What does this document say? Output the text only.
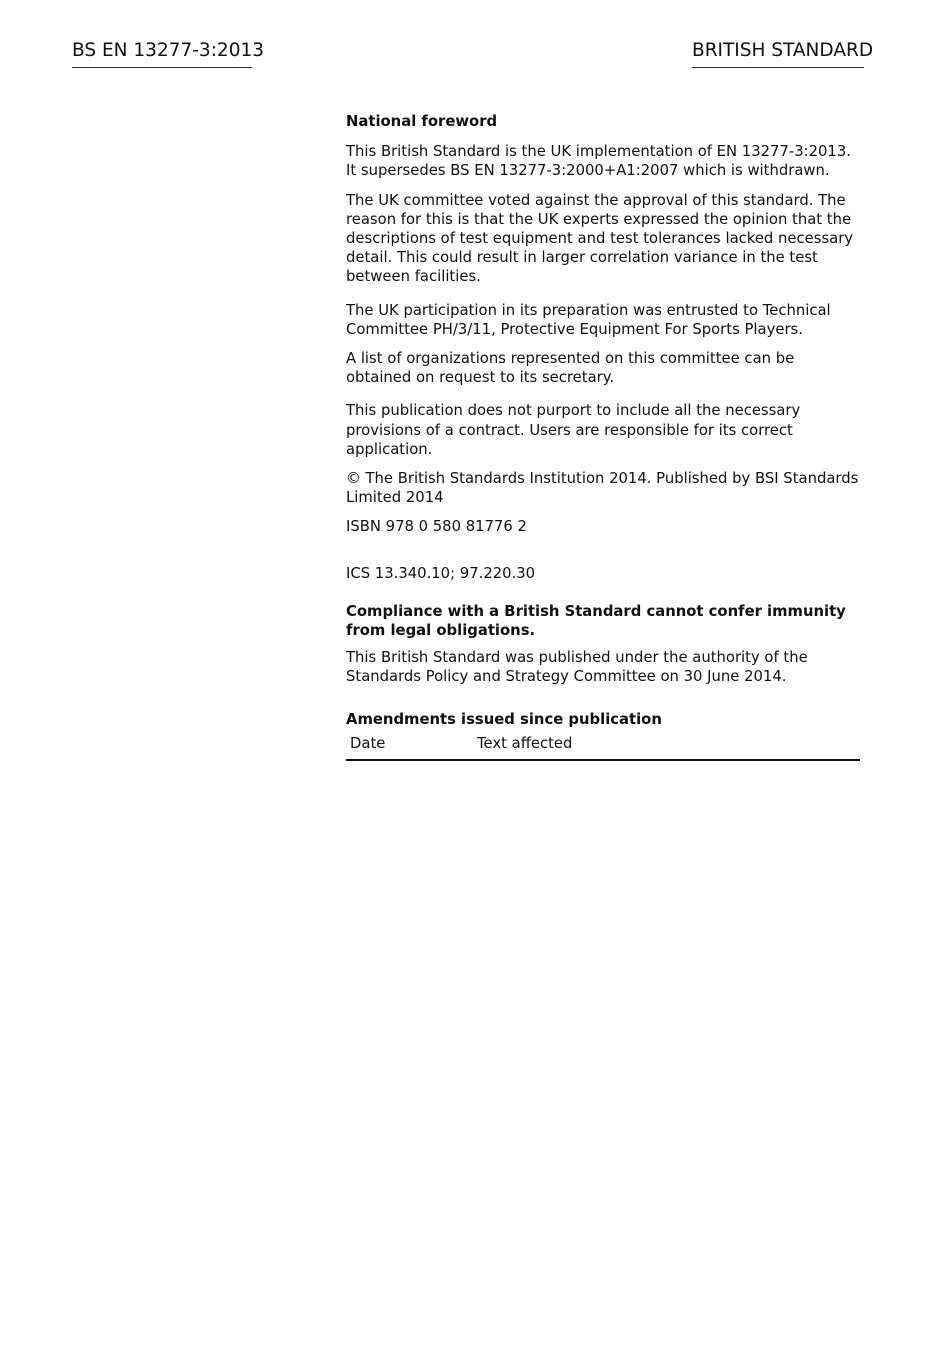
BS EN 13277-3:2013	BRITISH STANDARD

National foreword

This British Standard is the UK implementation of EN 13277-3:2013. It supersedes BS EN 13277-3:2000+A1:2007 which is withdrawn.

The UK committee voted against the approval of this standard. The reason for this is that the UK experts expressed the opinion that the descriptions of test equipment and test tolerances lacked necessary detail. This could result in larger correlation variance in the test between facilities.

The UK participation in its preparation was entrusted to Technical Committee PH/3/11, Protective Equipment For Sports Players.

A list of organizations represented on this committee can be obtained on request to its secretary.

This publication does not purport to include all the necessary provisions of a contract. Users are responsible for its correct application.

© The British Standards Institution 2014. Published by BSI Standards Limited 2014

ISBN 978 0 580 81776 2

ICS 13.340.10; 97.220.30

Compliance with a British Standard cannot confer immunity from legal obligations.

This British Standard was published under the authority of the Standards Policy and Strategy Committee on 30 June 2014.

Amendments issued since publication

Date	Text affected
